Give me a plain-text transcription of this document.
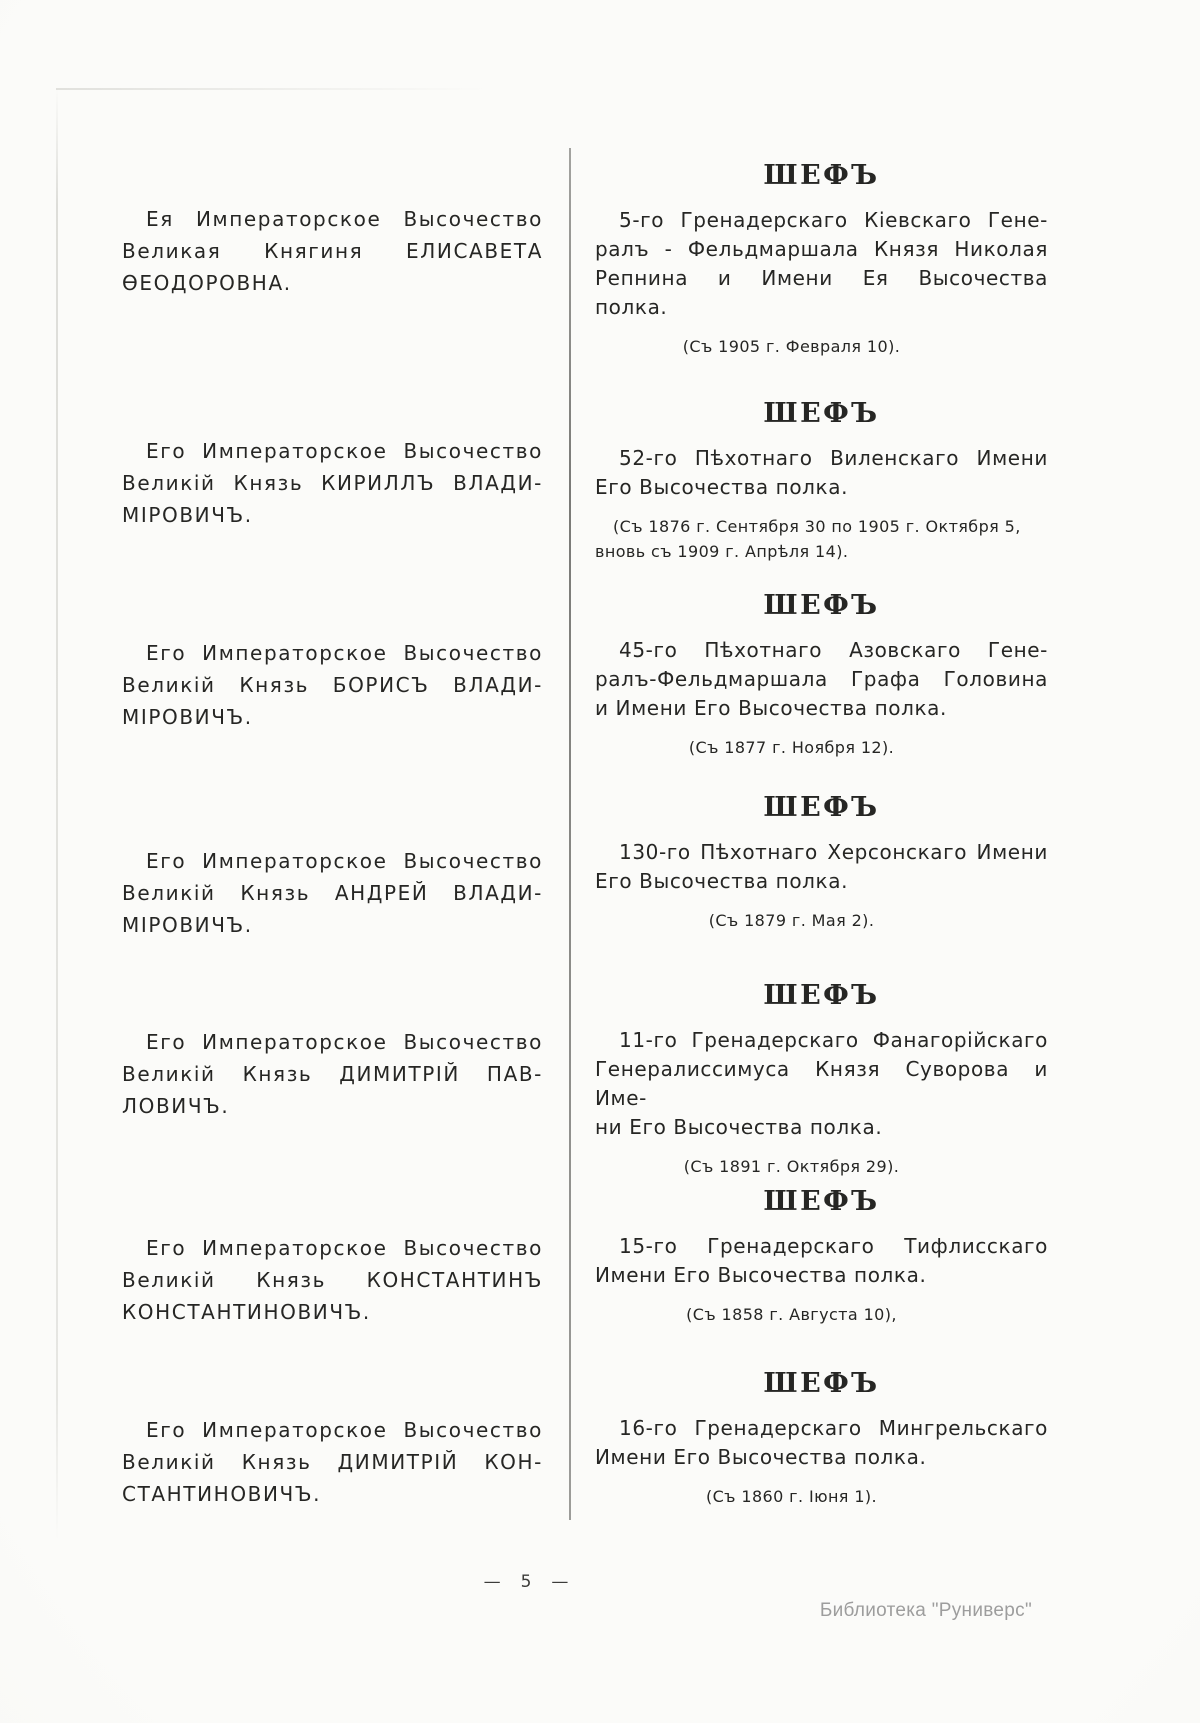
Ея Императорское Высочество
Великая Княгиня ЕЛИСАВЕТА
ѲЕОДОРОВНА.
Его Императорское Высочество
Великій Князь КИРИЛЛЪ ВЛАДИ-
МІРОВИЧЪ.
Его Императорское Высочество
Великій Князь БОРИСЪ ВЛАДИ-
МІРОВИЧЪ.
Его Императорское Высочество
Великій Князь АНДРЕЙ ВЛАДИ-
МІРОВИЧЪ.
Его Императорское Высочество
Великій Князь ДИМИТРІЙ ПАВ-
ЛОВИЧЪ.
Его Императорское Высочество
Великій Князь КОНСТАНТИНЪ
КОНСТАНТИНОВИЧЪ.
Его Императорское Высочество
Великій Князь ДИМИТРІЙ КОН-
СТАНТИНОВИЧЪ.
ШЕФЪ
5-го Гренадерскаго Кіевскаго Гене-
ралъ - Фельдмаршала Князя Николая
Репнина и Имени Ея Высочества
полка.
(Съ 1905 г. Февраля 10).
ШЕФЪ
52-го Пѣхотнаго Виленскаго Имени
Его Высочества полка.
(Съ 1876 г. Сентября 30 по 1905 г. Октября 5,
вновь съ 1909 г. Апрѣля 14).
ШЕФЪ
45-го Пѣхотнаго Азовскаго Гене-
ралъ-Фельдмаршала Графа Головина
и Имени Его Высочества полка.
(Съ 1877 г. Ноября 12).
ШЕФЪ
130-го Пѣхотнаго Херсонскаго Имени
Его Высочества полка.
(Съ 1879 г. Мая 2).
ШЕФЪ
11-го Гренадерскаго Фанагорійскаго
Генералиссимуса Князя Суворова и Име-
ни Его Высочества полка.
(Съ 1891 г. Октября 29).
ШЕФЪ
15-го Гренадерскаго Тифлисскаго
Имени Его Высочества полка.
(Съ 1858 г. Августа 10),
ШЕФЪ
16-го Гренадерскаго Мингрельскаго
Имени Его Высочества полка.
(Съ 1860 г. Іюня 1).
— 5 —
Библиотека "Руниверс"
